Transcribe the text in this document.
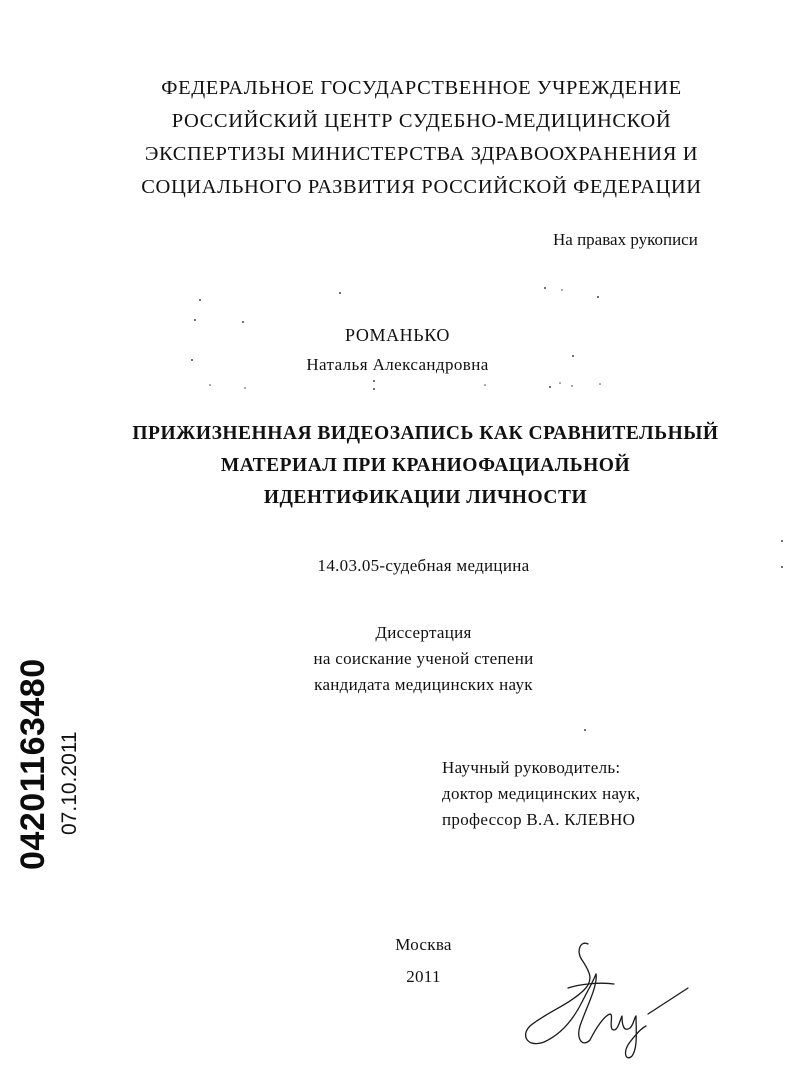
ФЕДЕРАЛЬНОЕ ГОСУДАРСТВЕННОЕ УЧРЕЖДЕНИЕ
РОССИЙСКИЙ ЦЕНТР СУДЕБНО-МЕДИЦИНСКОЙ
ЭКСПЕРТИЗЫ МИНИСТЕРСТВА ЗДРАВООХРАНЕНИЯ И
СОЦИАЛЬНОГО РАЗВИТИЯ РОССИЙСКОЙ ФЕДЕРАЦИИ
На правах рукописи
РОМАНЬКО
Наталья Александровна
ПРИЖИЗНЕННАЯ ВИДЕОЗАПИСЬ КАК СРАВНИТЕЛЬНЫЙ
МАТЕРИАЛ ПРИ КРАНИОФАЦИАЛЬНОЙ
ИДЕНТИФИКАЦИИ ЛИЧНОСТИ
14.03.05-судебная медицина
Диссертация
на соискание ученой степени
кандидата медицинских наук
Научный руководитель:
доктор медицинских наук,
профессор В.А. КЛЕВНО
Москва
2011
04201163480 07.10.2011
